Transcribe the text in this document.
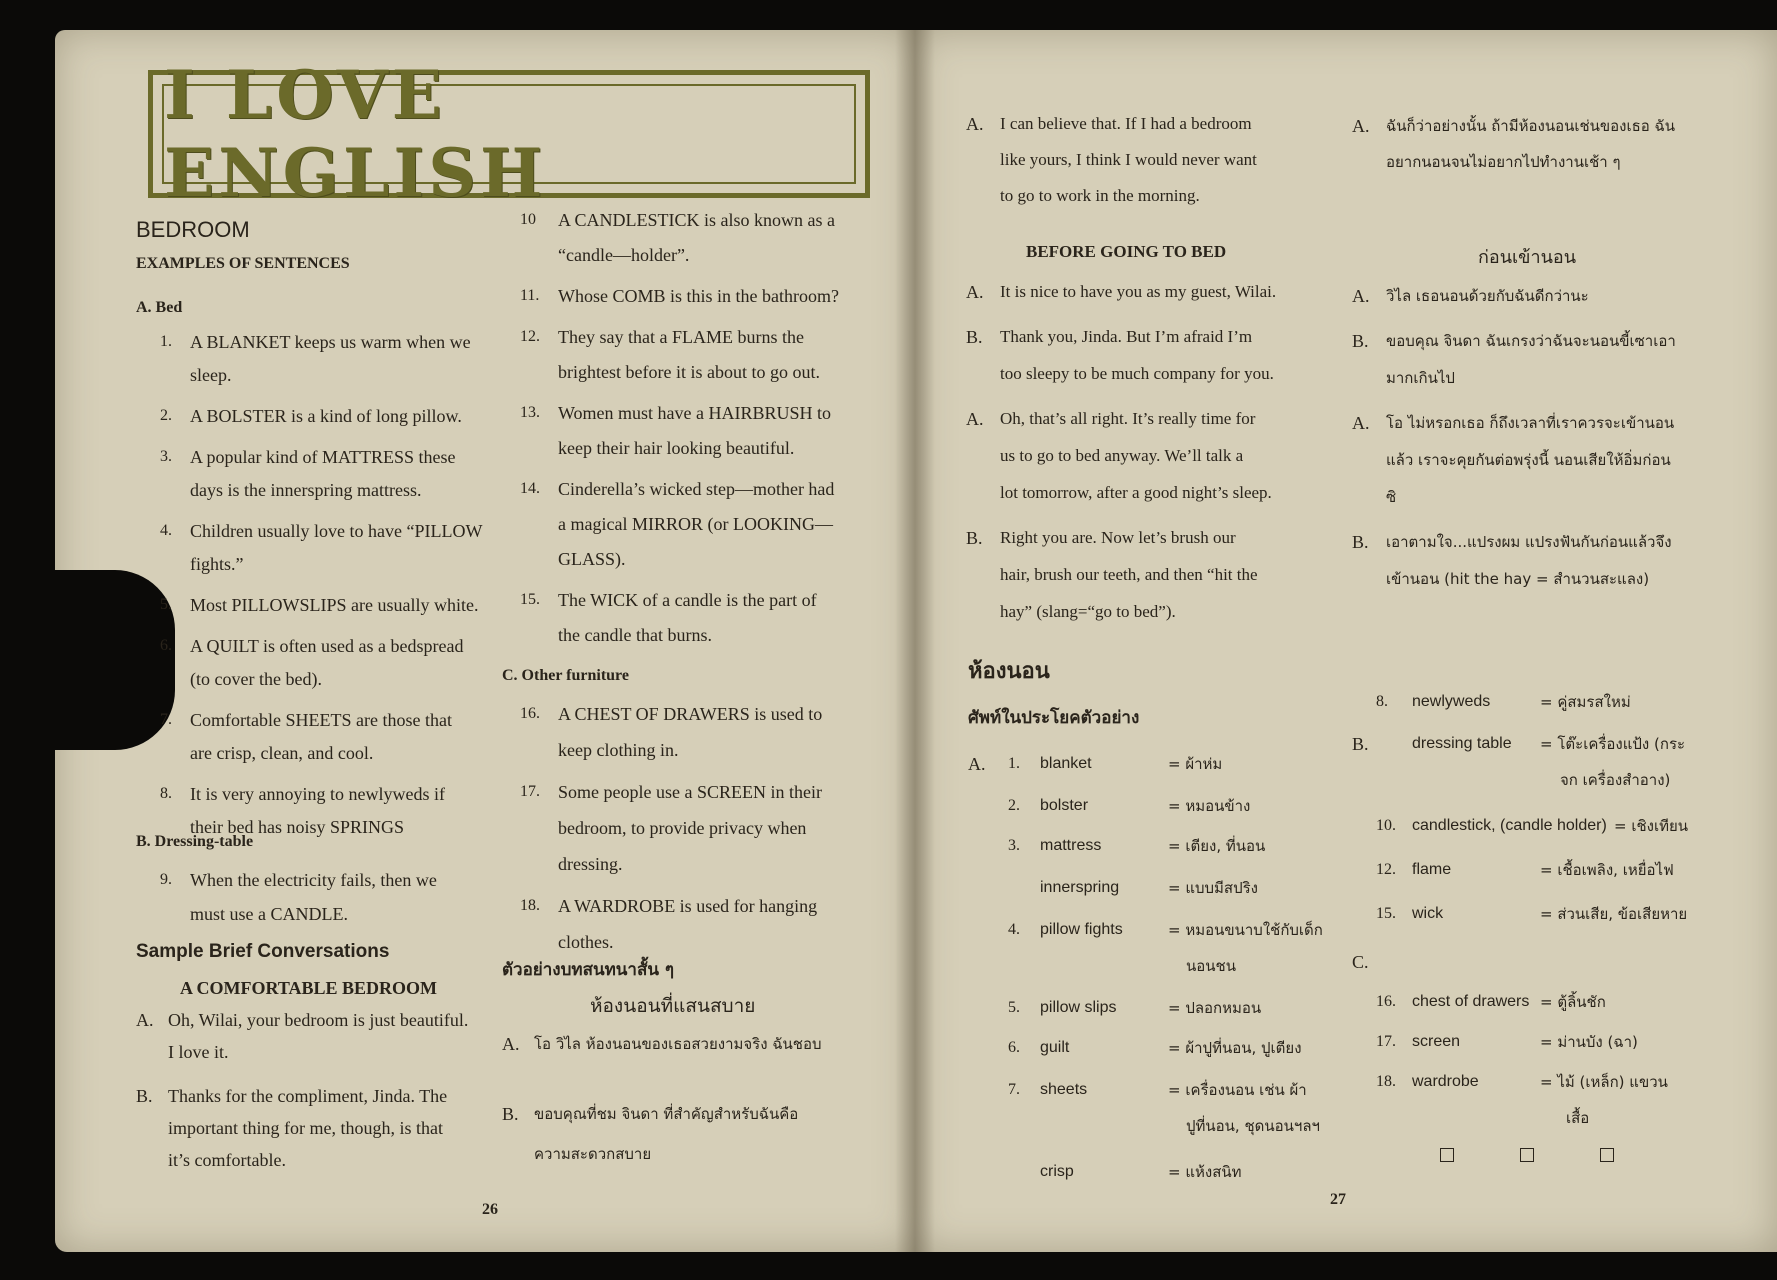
I LOVE ENGLISH
BEDROOM
EXAMPLES OF SENTENCES
A. Bed
1. A BLANKET keeps us warm when we
sleep.
2. A BOLSTER is a kind of long pillow.
3. A popular kind of MATTRESS these
days is the innerspring mattress.
4. Children usually love to have “PILLOW
fights.”
5. Most PILLOWSLIPS are usually white.
6. A QUILT is often used as a bedspread
(to cover the bed).
7. Comfortable SHEETS are those that
are crisp, clean, and cool.
8. It is very annoying to newlyweds if
their bed has noisy SPRINGS
B. Dressing-table
9. When the electricity fails, then we
must use a CANDLE.
Sample Brief Conversations
A COMFORTABLE BEDROOM
A. Oh, Wilai, your bedroom is just beautiful.
I love it.
B. Thanks for the compliment, Jinda. The
important thing for me, though, is that
it’s comfortable.
10 A CANDLESTICK is also known as a
“candle—holder”.
11. Whose COMB is this in the bathroom?
12. They say that a FLAME burns the
brightest before it is about to go out.
13. Women must have a HAIRBRUSH to
keep their hair looking beautiful.
14. Cinderella’s wicked step—mother had
a magical MIRROR (or LOOKING—
GLASS).
15. The WICK of a candle is the part of
the candle that burns.
C. Other furniture
16. A CHEST OF DRAWERS is used to
keep clothing in.
17. Some people use a SCREEN in their
bedroom, to provide privacy when
dressing.
18. A WARDROBE is used for hanging
clothes.
ตัวอย่างบทสนทนาสั้น ๆ
ห้องนอนที่แสนสบาย
A. โอ วิไล ห้องนอนของเธอสวยงามจริง ฉันชอบ
B. ขอบคุณที่ชม จินดา ที่สำคัญสำหรับฉันคือ
ความสะดวกสบาย
26
A. I can believe that. If I had a bedroom
like yours, I think I would never want
to go to work in the morning.
A. ฉันก็ว่าอย่างนั้น ถ้ามีห้องนอนเช่นของเธอ ฉัน
อยากนอนจนไม่อยากไปทำงานเช้า ๆ
BEFORE GOING TO BED	ก่อนเข้านอน
A. It is nice to have you as my guest, Wilai.
B. Thank you, Jinda. But I’m afraid I’m
too sleepy to be much company for you.
A. Oh, that’s all right. It’s really time for
us to go to bed anyway. We’ll talk a
lot tomorrow, after a good night’s sleep.
B. Right you are. Now let’s brush our
hair, brush our teeth, and then “hit the
hay” (slang=“go to bed”).
A. วิไล เธอนอนด้วยกับฉันดีกว่านะ
B. ขอบคุณ จินดา ฉันเกรงว่าฉันจะนอนขี้เซาเอา
มากเกินไป
A. โอ ไม่หรอกเธอ ก็ถึงเวลาที่เราควรจะเข้านอน
แล้ว เราจะคุยกันต่อพรุ่งนี้ นอนเสียให้อิ่มก่อน
ซิ
B. เอาตามใจ...แปรงผม แปรงฟันกันก่อนแล้วจึง
เข้านอน (hit the hay = สำนวนสะแลง)
ห้องนอน
ศัพท์ในประโยคตัวอย่าง
A. 1. blanket	= ผ้าห่ม
2. bolster	= หมอนข้าง
3. mattress	= เตียง, ที่นอน
innerspring	= แบบมีสปริง
4. pillow fights	= หมอนขนาบใช้กับเด็ก
นอนชน
5. pillow slips	= ปลอกหมอน
6. guilt	= ผ้าปูที่นอน, ปูเตียง
7. sheets	= เครื่องนอน เช่น ผ้า
ปูที่นอน, ชุดนอนฯลฯ
crisp	= แห้งสนิท
8. newlyweds	= คู่สมรสใหม่
B.	dressing table = โต๊ะเครื่องแป้ง (กระ
จก เครื่องสำอาง)
10. candlestick, (candle holder) = เชิงเทียน
12. flame	= เชื้อเพลิง, เหยื่อไฟ
15. wick	= ส่วนเสีย, ข้อเสียหาย
C.
16. chest of drawers = ตู้ลิ้นชัก
17. screen	= ม่านบัง (ฉา)
18. wardrobe	= ไม้ (เหล็ก) แขวน
เสื้อ
27
